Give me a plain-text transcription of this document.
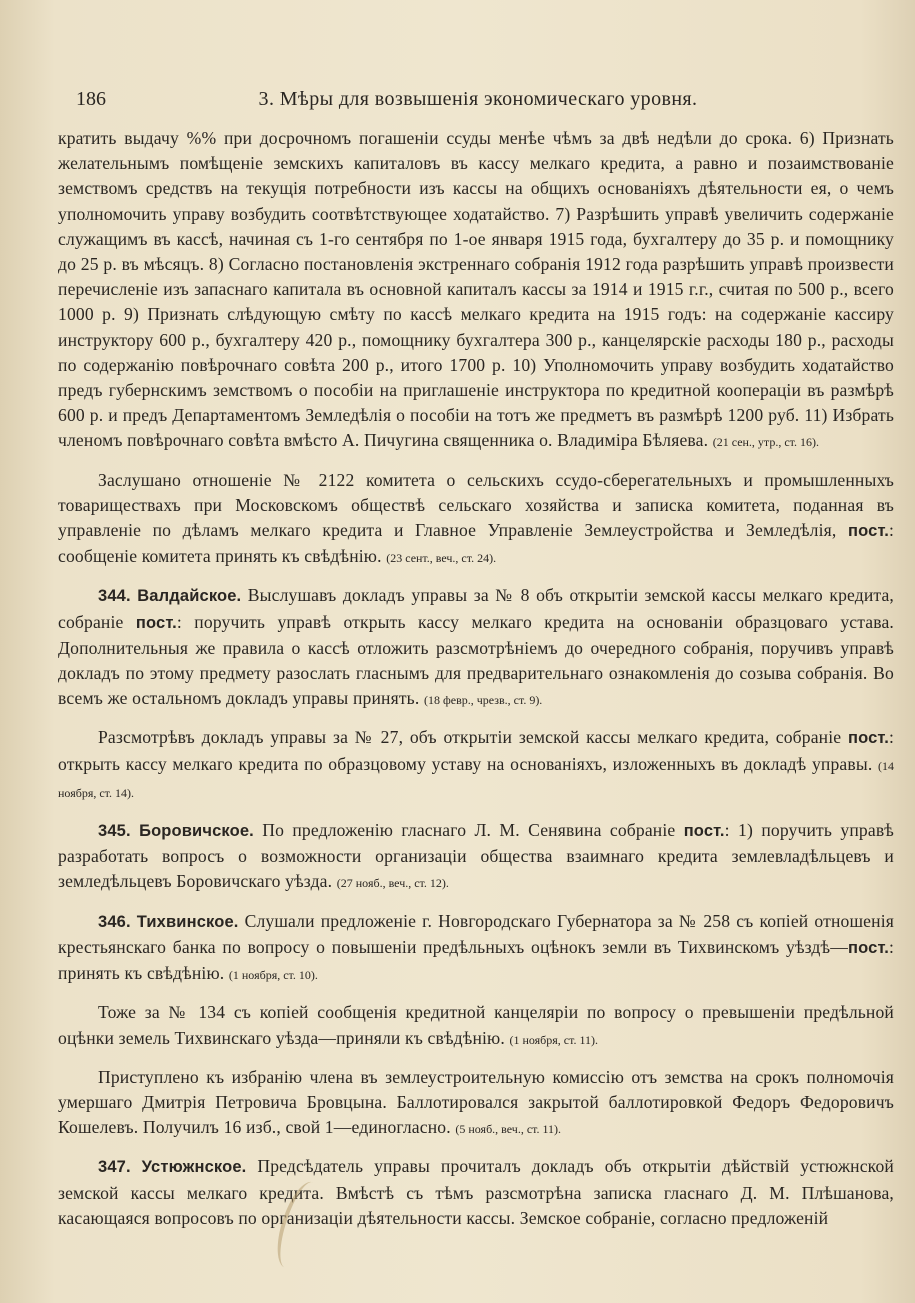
186	3. Мѣры для возвышенія экономическаго уровня.

кратить выдачу %% при досрочномъ погашеніи ссуды менѣе чѣмъ за двѣ недѣли до срока. 6) Признать желательнымъ помѣщеніе земскихъ капиталовъ въ кассу мелкаго кредита, а равно и позаимствованіе земствомъ средствъ на текущія потребности изъ кассы на общихъ основаніяхъ дѣятельности ея, о чемъ уполномочить управу возбудить соотвѣтствующее ходатайство. 7) Разрѣшить управѣ увеличить содержаніе служащимъ въ кассѣ, начиная съ 1-го сентября по 1-ое января 1915 года, бухгалтеру до 35 р. и помощнику до 25 р. въ мѣсяцъ. 8) Согласно постановленія экстреннаго собранія 1912 года разрѣшить управѣ произвести перечисленіе изъ запаснаго капитала въ основной капиталъ кассы за 1914 и 1915 г.г., считая по 500 р., всего 1000 р. 9) Признать слѣдующую смѣту по кассѣ мелкаго кредита на 1915 годъ: на содержаніе кассиру инструктору 600 р., бухгалтеру 420 р., помощнику бухгалтера 300 р., канцелярскіе расходы 180 р., расходы по содержанію повѣрочнаго совѣта 200 р., итого 1700 р. 10) Уполномочить управу возбудить ходатайство предъ губернскимъ земствомъ о пособіи на приглашеніе инструктора по кредитной коопераціи въ размѣрѣ 600 р. и предъ Департаментомъ Земледѣлія о пособіи на тотъ же предметъ въ размѣрѣ 1200 руб. 11) Избрать членомъ повѣрочнаго совѣта вмѣсто А. Пичугина священника о. Владиміра Бѣляева. (21 сен., утр., ст. 16).

Заслушано отношеніе № 2122 комитета о сельскихъ ссудо-сберегательныхъ и промышленныхъ товариществахъ при Московскомъ обществѣ сельскаго хозяйства и записка комитета, поданная въ управленіе по дѣламъ мелкаго кредита и Главное Управленіе Землеустройства и Земледѣлія, пост.: сообщеніе комитета принять къ свѣдѣнію. (23 сент., веч., ст. 24).

344. Валдайское. Выслушавъ докладъ управы за № 8 объ открытіи земской кассы мелкаго кредита, собраніе пост.: поручить управѣ открыть кассу мелкаго кредита на основаніи образцоваго устава. Дополнительныя же правила о кассѣ отложить разсмотрѣніемъ до очередного собранія, поручивъ управѣ докладъ по этому предмету разослать гласнымъ для предварительнаго ознакомленія до созыва собранія. Во всемъ же остальномъ докладъ управы принять. (18 февр., чрезв., ст. 9).

Разсмотрѣвъ докладъ управы за № 27, объ открытіи земской кассы мелкаго кредита, собраніе пост.: открыть кассу мелкаго кредита по образцовому уставу на основаніяхъ, изложенныхъ въ докладѣ управы. (14 ноября, ст. 14).

345. Боровичское. По предложенію гласнаго Л. М. Сенявина собраніе пост.: 1) поручить управѣ разработать вопросъ о возможности организаціи общества взаимнаго кредита землевладѣльцевъ и земледѣльцевъ Боровичскаго уѣзда. (27 нояб., веч., ст. 12).

346. Тихвинское. Слушали предложеніе г. Новгородскаго Губернатора за № 258 съ копіей отношенія крестьянскаго банка по вопросу о повышеніи предѣльныхъ оцѣнокъ земли въ Тихвинскомъ уѣздѣ—пост.: принять къ свѣдѣнію. (1 ноября, ст. 10).

Тоже за № 134 съ копіей сообщенія кредитной канцеляріи по вопросу о превышеніи предѣльной оцѣнки земель Тихвинскаго уѣзда—приняли къ свѣдѣнію. (1 ноября, ст. 11).

Приступлено къ избранію члена въ землеустроительную комиссію отъ земства на срокъ полномочія умершаго Дмитрія Петровича Бровцына. Баллотировался закрытой баллотировкой Федоръ Федоровичъ Кошелевъ. Получилъ 16 изб., свой 1—единогласно. (5 нояб., веч., ст. 11).

347. Устюжнское. Предсѣдатель управы прочиталъ докладъ объ открытіи дѣйствій устюжнской земской кассы мелкаго кредита. Вмѣстѣ съ тѣмъ разсмотрѣна записка гласнаго Д. М. Плѣшанова, касающаяся вопросовъ по организаціи дѣятельности кассы. Земское собраніе, согласно предложеній
